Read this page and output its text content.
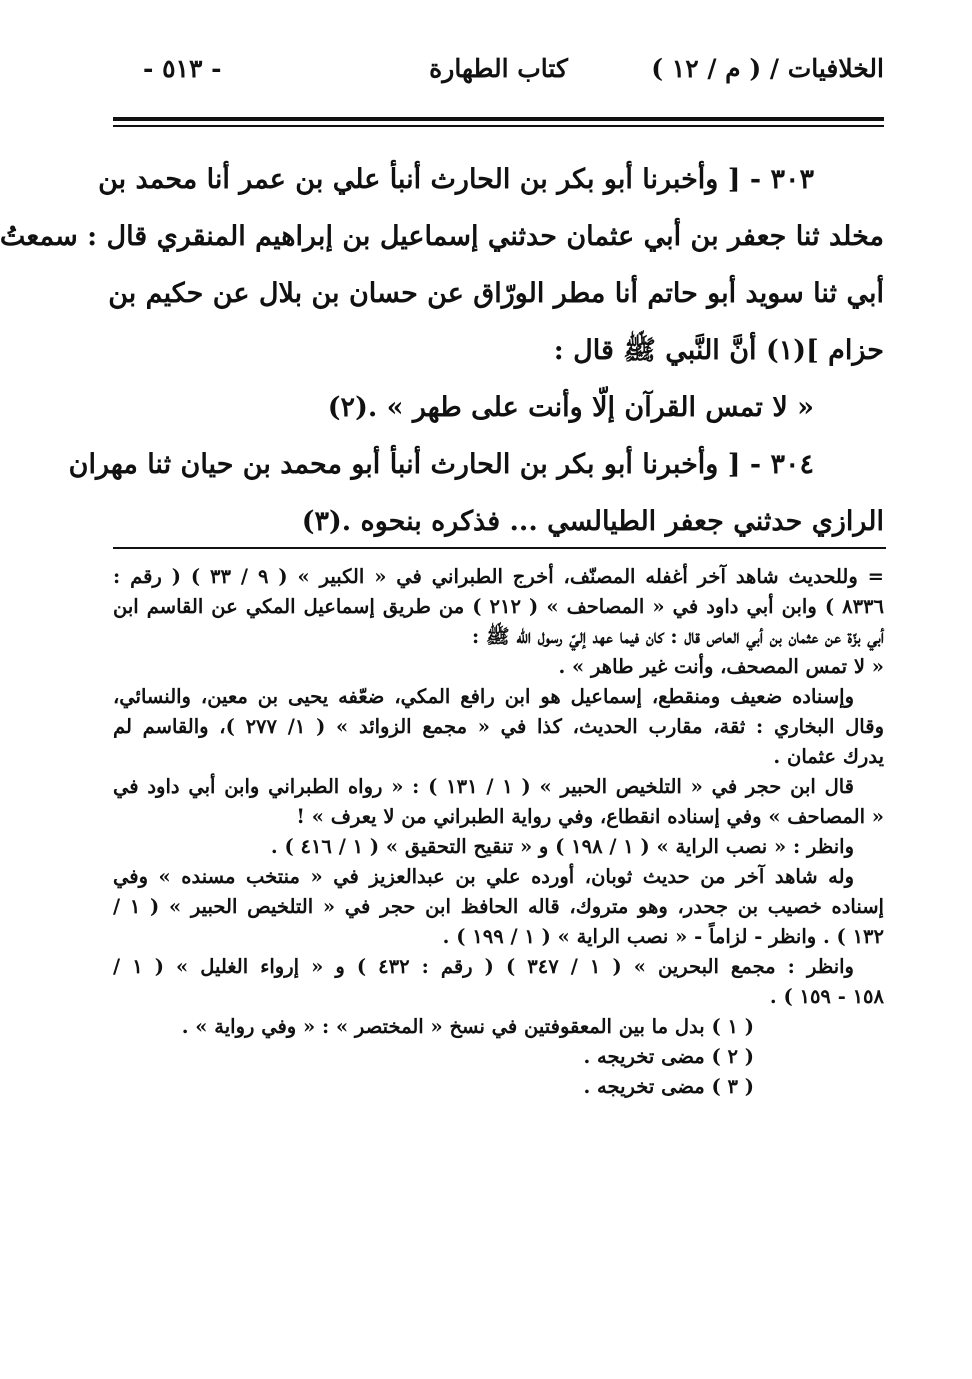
الخلافيات / ( م / ١٢ )
كتاب الطهارة
- ٥١٣ -
٣٠٣ - [ وأخبرنا أبو بكر بن الحارث أنبأ علي بن عمر أنا محمد بن
مخلد ثنا جعفر بن أبي عثمان حدثني إسماعيل بن إبراهيم المنقري قال : سمعتُ
أبي ثنا سويد أبو حاتم أنا مطر الورّاق عن حسان بن بلال عن حكيم بن
حزام ](١) أنَّ النَّبي ﷺ قال :
« لا تمس القرآن إلّا وأنت على طهر » .(٢)
٣٠٤ - [ وأخبرنا أبو بكر بن الحارث أنبأ أبو محمد بن حيان ثنا مهران
الرازي حدثني جعفر الطيالسي ... فذكره بنحوه .(٣)
= وللحديث شاهد آخر أغفله المصنّف، أخرج الطبراني في « الكبير » ( ٩ / ٣٣ ) ( رقم :
٨٣٣٦ ) وابن أبي داود في « المصاحف » ( ٢١٢ ) من طريق إسماعيل المكي عن القاسم ابن
أبي بزّة عن عثمان بن أبي العاص قال : كان فيما عهد إليّ رسول الله ﷺ :
« لا تمس المصحف، وأنت غير طاهر » .
وإسناده ضعيف ومنقطع، إسماعيل هو ابن رافع المكي، ضعّفه يحيى بن معين، والنسائي،
وقال البخاري : ثقة، مقارب الحديث، كذا في « مجمع الزوائد » ( ١/ ٢٧٧ )، والقاسم لم
يدرك عثمان .
قال ابن حجر في « التلخيص الحبير » ( ١ / ١٣١ ) : « رواه الطبراني وابن أبي داود في
« المصاحف » وفي إسناده انقطاع، وفي رواية الطبراني من لا يعرف » !
وانظر : « نصب الراية » ( ١ / ١٩٨ ) و « تنقيح التحقيق » ( ١ / ٤١٦ ) .
وله شاهد آخر من حديث ثوبان، أورده علي بن عبدالعزيز في « منتخب مسنده » وفي
إسناده خصيب بن جحدر، وهو متروك، قاله الحافظ ابن حجر في « التلخيص الحبير » ( ١ /
١٣٢ ) . وانظر - لزاماً - « نصب الراية » ( ١ / ١٩٩ ) .
وانظر : مجمع البحرين » ( ١ / ٣٤٧ ) ( رقم : ٤٣٢ ) و « إرواء الغليل » ( ١ /
١٥٨ - ١٥٩ ) .
( ١ ) بدل ما بين المعقوفتين في نسخ « المختصر » : « وفي رواية » .
( ٢ ) مضى تخريجه .
( ٣ ) مضى تخريجه .
